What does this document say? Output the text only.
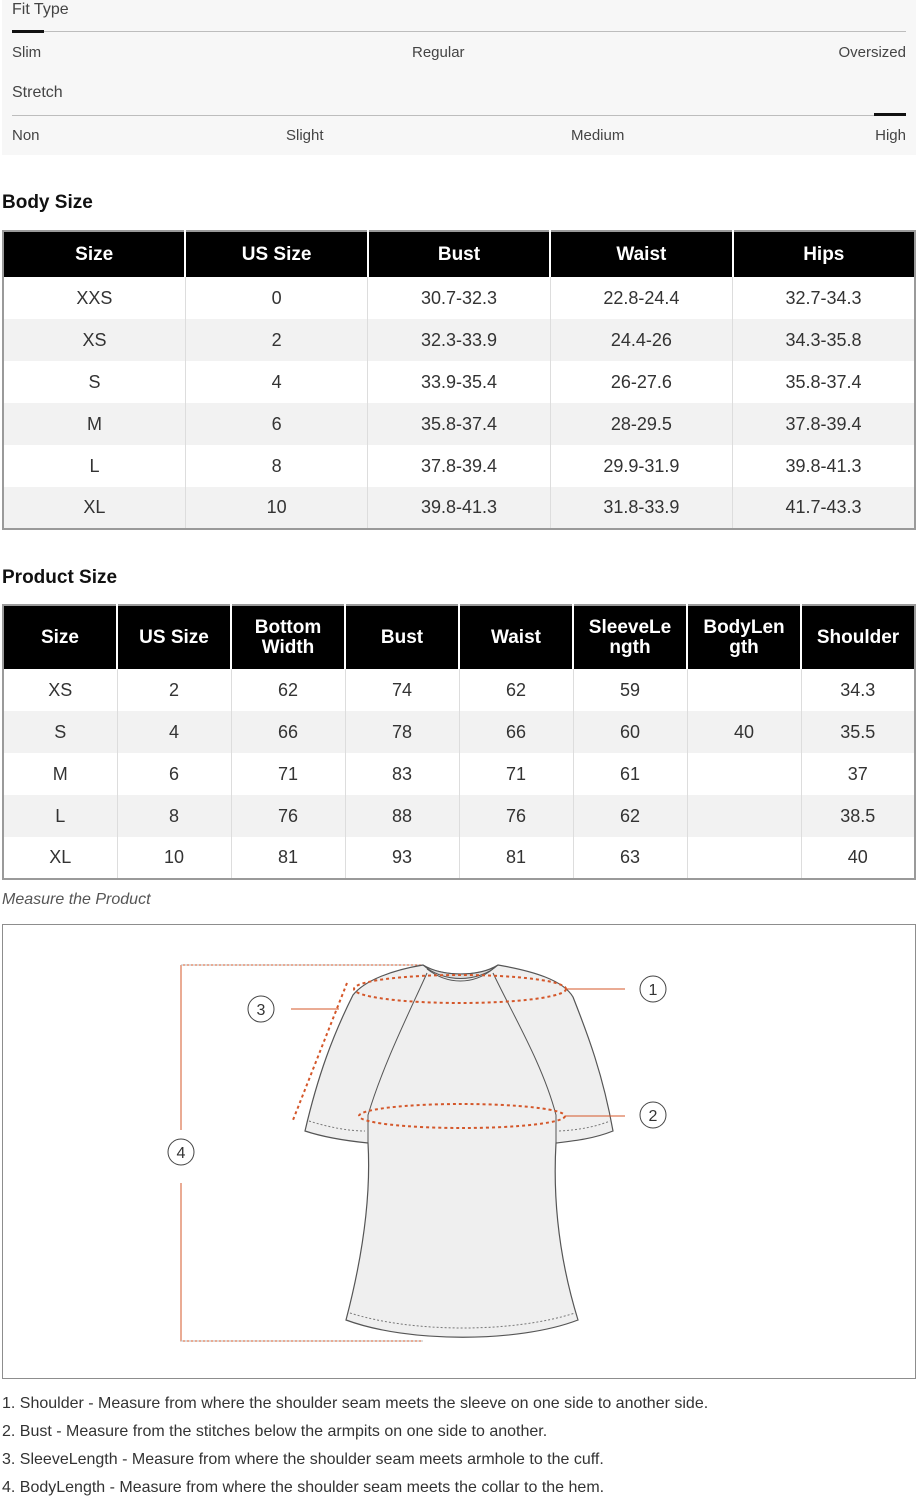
Fit Type
Slim	Regular	Oversized
Stretch
Non	Slight	Medium	High
Body Size
Size	US Size	Bust	Waist	Hips
XXS	0	30.7-32.3	22.8-24.4	32.7-34.3
XS	2	32.3-33.9	24.4-26	34.3-35.8
S	4	33.9-35.4	26-27.6	35.8-37.4
M	6	35.8-37.4	28-29.5	37.8-39.4
L	8	37.8-39.4	29.9-31.9	39.8-41.3
XL	10	39.8-41.3	31.8-33.9	41.7-43.3
Product Size
Size	US Size	Bottom Width	Bust	Waist	SleeveLe ngth	BodyLen gth	Shoulder
XS	2	62	74	62	59		34.3
S	4	66	78	66	60	40	35.5
M	6	71	83	71	61		37
L	8	76	88	76	62		38.5
XL	10	81	93	81	63		40
Measure the Product
1
2
3
4
1. Shoulder - Measure from where the shoulder seam meets the sleeve on one side to another side.
2. Bust - Measure from the stitches below the armpits on one side to another.
3. SleeveLength - Measure from where the shoulder seam meets armhole to the cuff.
4. BodyLength - Measure from where the shoulder seam meets the collar to the hem.
